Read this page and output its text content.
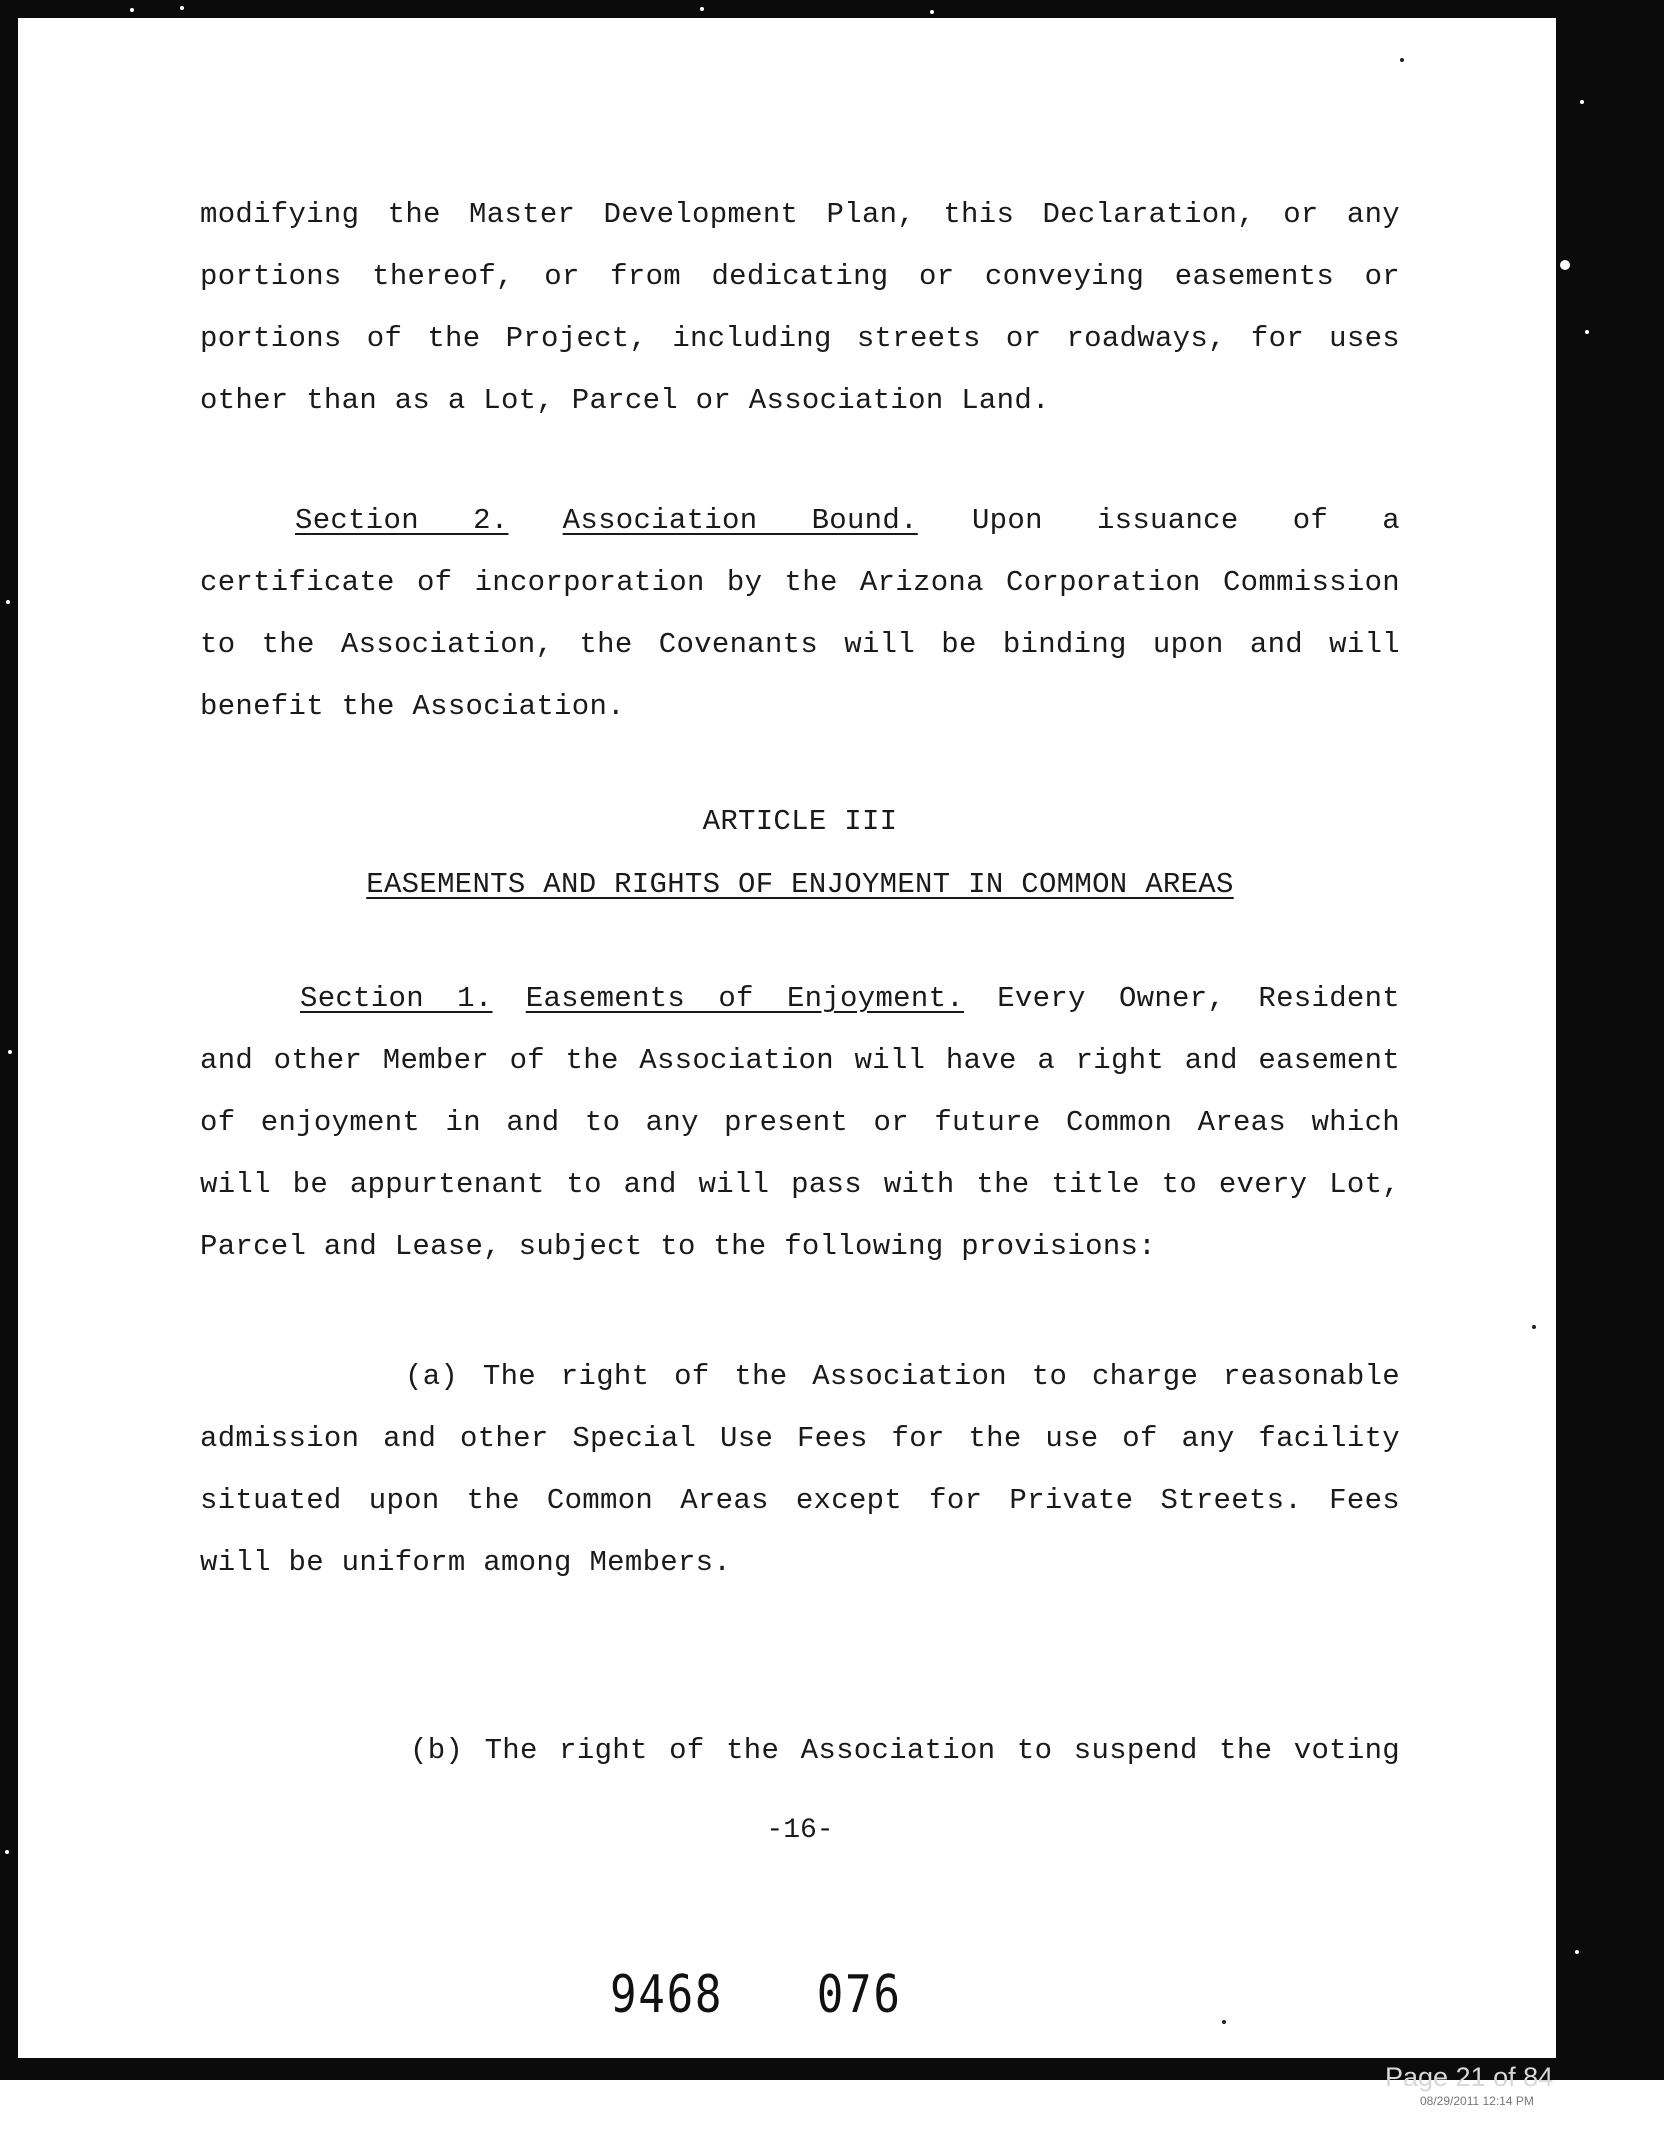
modifying the Master Development Plan, this Declaration, or any

portions thereof, or from dedicating or conveying easements or

portions of the Project, including streets or roadways, for uses

other than as a Lot, Parcel or Association Land.

Section 2. Association Bound. Upon issuance of a

certificate of incorporation by the Arizona Corporation Commission

to the Association, the Covenants will be binding upon and will

benefit the Association.

ARTICLE III
EASEMENTS AND RIGHTS OF ENJOYMENT IN COMMON AREAS

Section 1. Easements of Enjoyment. Every Owner, Resident

and other Member of the Association will have a right and easement

of enjoyment in and to any present or future Common Areas which

will be appurtenant to and will pass with the title to every Lot,

Parcel and Lease, subject to the following provisions:

(a) The right of the Association to charge reasonable

admission and other Special Use Fees for the use of any facility

situated upon the Common Areas except for Private Streets. Fees

will be uniform among Members.

(b) The right of the Association to suspend the voting

-16-
9468 076
Page 21 of 84
08/29/2011 12:14 PM
